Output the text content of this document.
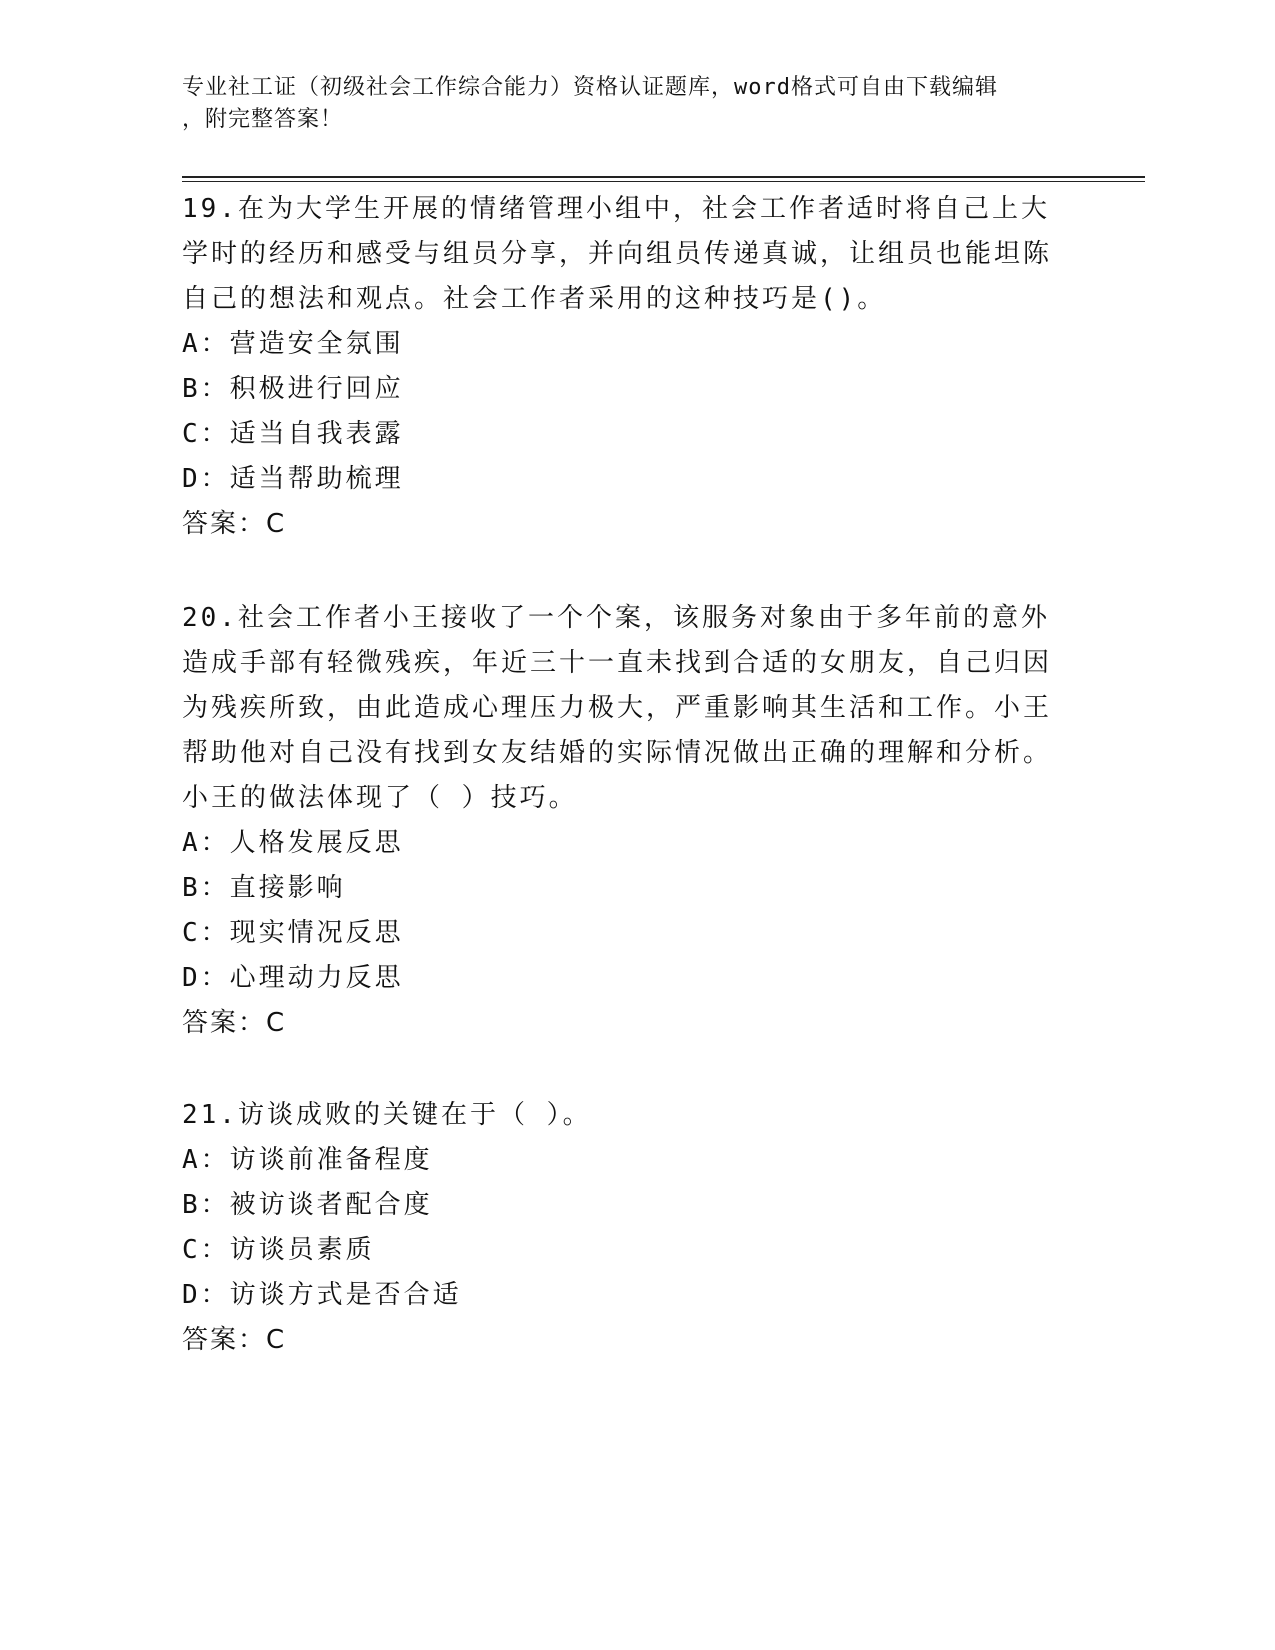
专业社工证（初级社会工作综合能力）资格认证题库，word格式可自由下载编辑
，附完整答案！

19.在为大学生开展的情绪管理小组中，社会工作者适时将自己上大学时的经历和感受与组员分享，并向组员传递真诚，让组员也能坦陈自己的想法和观点。社会工作者采用的这种技巧是()。

A：营造安全氛围

B：积极进行回应

C：适当自我表露

D：适当帮助梳理

答案：C

20.社会工作者小王接收了一个个案，该服务对象由于多年前的意外造成手部有轻微残疾，年近三十一直未找到合适的女朋友，自己归因为残疾所致，由此造成心理压力极大，严重影响其生活和工作。小王帮助他对自己没有找到女友结婚的实际情况做出正确的理解和分析。小王的做法体现了（ ）技巧。

A：人格发展反思

B：直接影响

C：现实情况反思

D：心理动力反思

答案：C

21.访谈成败的关键在于（ ）。

A：访谈前准备程度

B：被访谈者配合度

C：访谈员素质

D：访谈方式是否合适

答案：C
